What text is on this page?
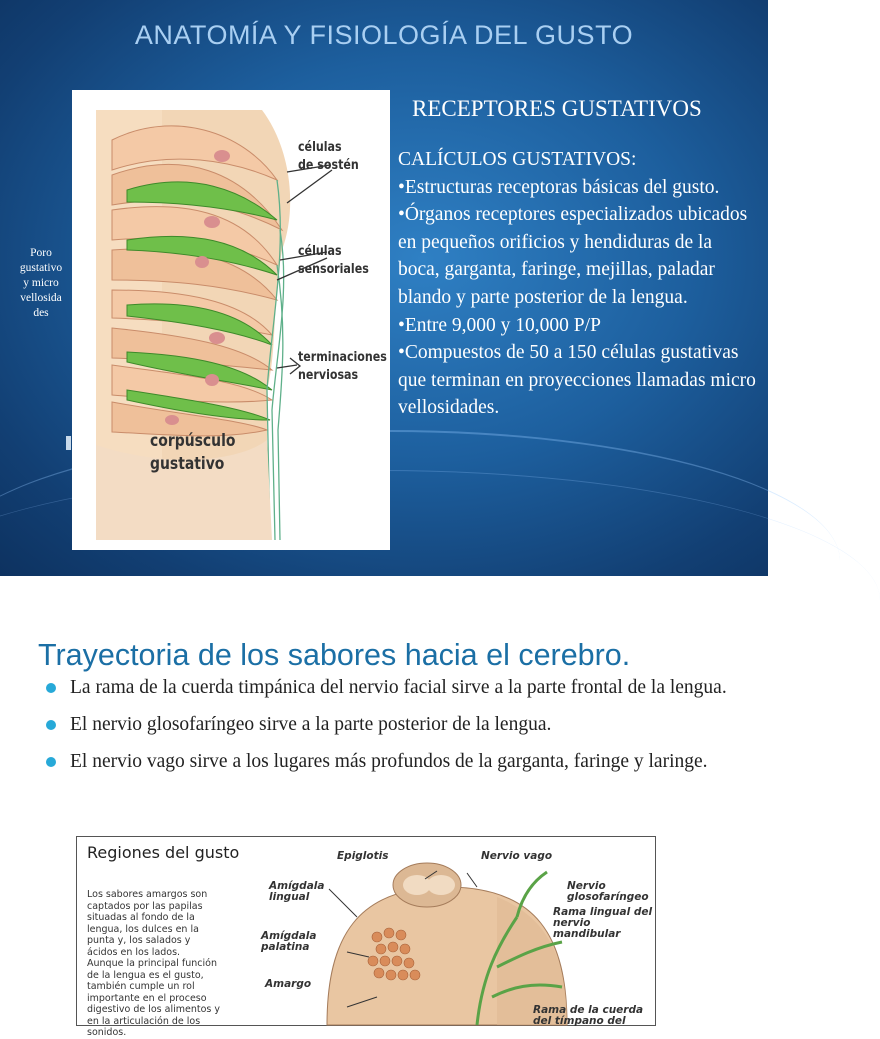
ANATOMÍA Y FISIOLOGÍA DEL GUSTO
células
de sostén
células
sensoriales
terminaciones
nerviosas
corpúsculo
gustativo
Poro
gustativo
y micro
vellosida
des
RECEPTORES GUSTATIVOS

CALÍCULOS GUSTATIVOS:

•Estructuras receptoras básicas del gusto.

•Órganos receptores especializados ubicados en pequeños orificios y hendiduras de la boca, garganta, faringe, mejillas, paladar blando y parte posterior de la lengua.

•Entre 9,000 y 10,000 P/P

•Compuestos de 50 a 150 células gustativas que terminan en proyecciones llamadas micro vellosidades.

Trayectoria de los sabores hacia el cerebro.
La rama de la cuerda timpánica del nervio facial sirve a la parte frontal de la lengua.
El nervio glosofaríngeo sirve a la parte posterior de la lengua.
El nervio vago sirve a los lugares más profundos de la garganta, faringe y laringe.
Regiones del gusto
Los sabores amargos son
captados por las papilas
situadas al fondo de la
lengua, los dulces en la
punta y, los salados y
ácidos en los lados.
Aunque la principal función
de la lengua es el gusto,
también cumple un rol
importante en el proceso
digestivo de los alimentos y
en la articulación de los
sonidos.
Epiglotis	Nervio vago
Amígdala
lingual
Nervio
glosofaríngeo
Rama lingual del
nervio mandibular
Amígdala
palatina
Amargo
Rama de la cuerda
del tímpano del
